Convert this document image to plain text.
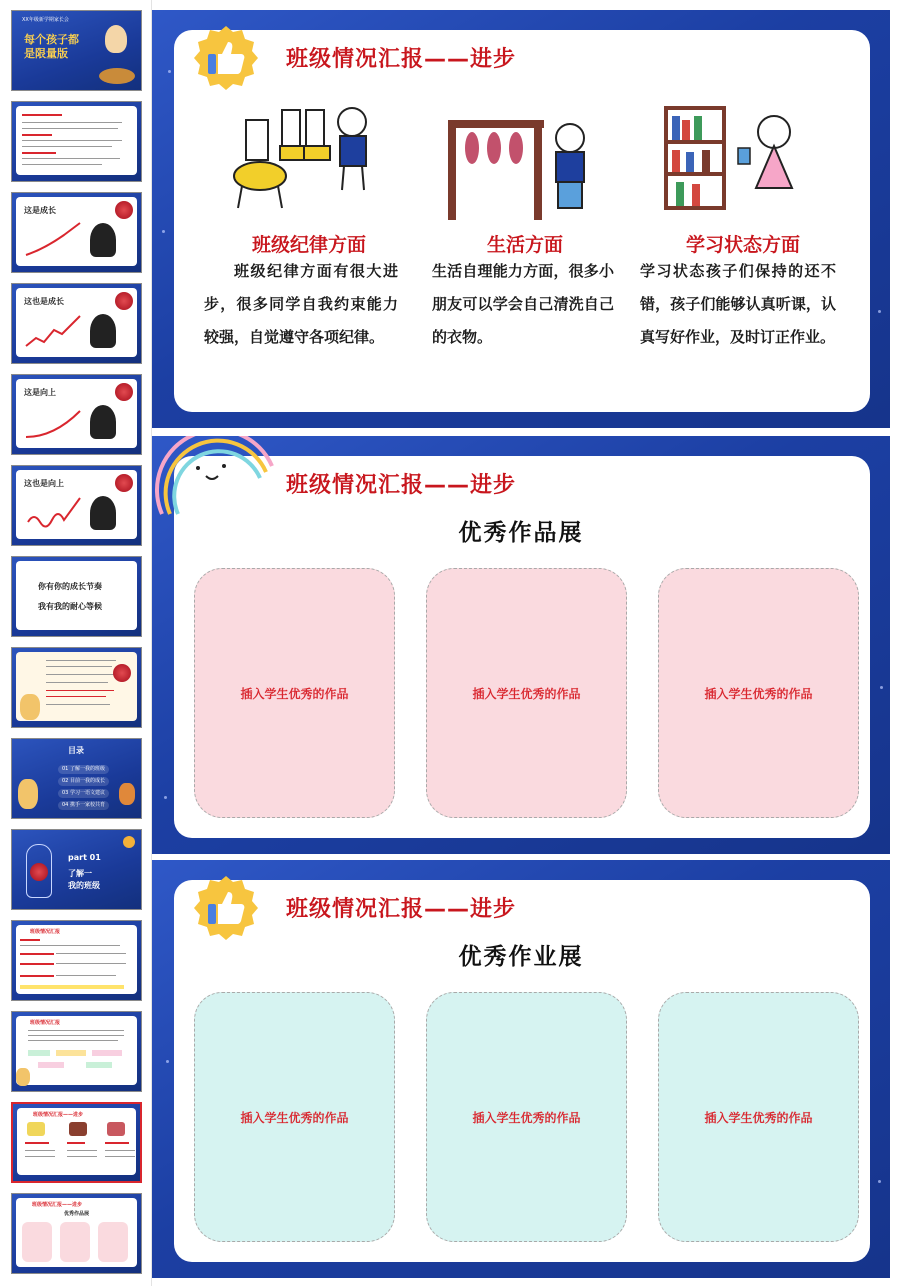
XX年级新学期家长会
每个孩子都是限量版
这是成长
这也是成长
这是向上
这也是向上
你有你的成长节奏
我有我的耐心等候
目录
01 了解一我的班级
02 目前一我的成长
03 学习一语文建议
04 携手一家校共育
part 01
了解一
我的班级
班级情况汇报
班级情况汇报
班级情况汇报——进步
班级情况汇报——进步
优秀作品展
班级情况汇报——进步
班级纪律方面
班级纪律方面有很大进步，很多同学自我约束能力较强，自觉遵守各项纪律。
生活方面
生活自理能力方面，很多小朋友可以学会自己清洗自己的衣物。
学习状态方面
学习状态孩子们保持的还不错，孩子们能够认真听课，认真写好作业，及时订正作业。
班级情况汇报——进步
优秀作品展
插入学生优秀的作品	插入学生优秀的作品	插入学生优秀的作品
班级情况汇报——进步
优秀作业展
插入学生优秀的作品	插入学生优秀的作品	插入学生优秀的作品
